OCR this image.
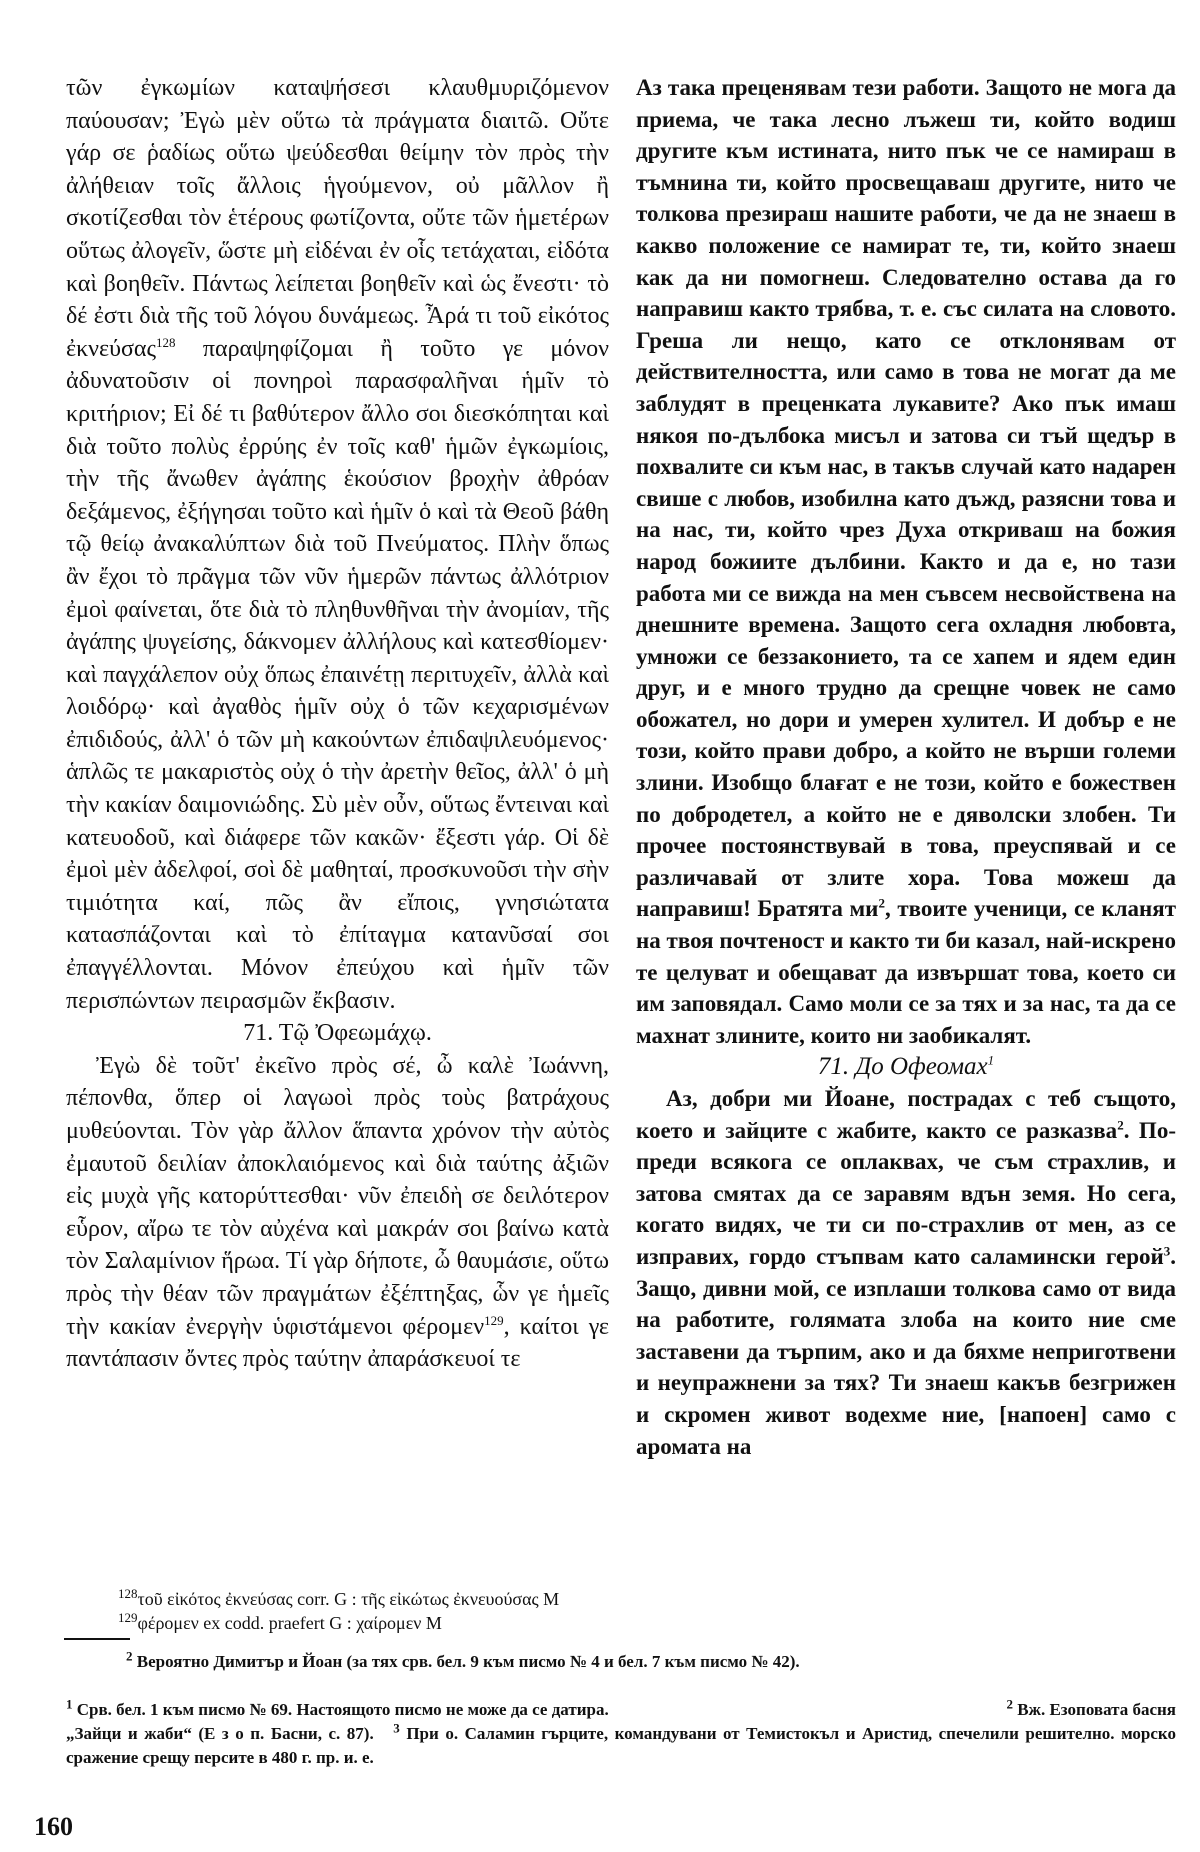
τῶν ἐγκωμίων καταψήσεσι κλαυθμυριζόμενον παύουσαν; Ἐγὼ μὲν οὕτω τὰ πράγματα διαιτῶ. Οὔτε γάρ σε ῥαδίως οὕτω ψεύδεσθαι θείμην τὸν πρὸς τὴν ἀλήθειαν τοῖς ἄλλοις ἡγούμενον, οὐ μᾶλλον ἢ σκοτίζεσθαι τὸν ἑτέρους φωτίζοντα, οὔτε τῶν ἡμετέρων οὕτως ἀλογεῖν, ὥστε μὴ εἰδέναι ἐν οἷς τετάχαται, εἰδότα καὶ βοηθεῖν. Πάντως λείπεται βοηθεῖν καὶ ὡς ἔνεστι· τὸ δέ ἐστι διὰ τῆς τοῦ λόγου δυνάμεως. Ἆρά τι τοῦ εἰκότος ἐκνεύσας$^{128}$ παραψηφίζομαι ἢ τοῦτο γε μόνον ἀδυνατοῦσιν οἱ πονηροὶ παρασφαλῆναι ἡμῖν τὸ κριτήριον; Εἰ δέ τι βαθύτερον ἄλλο σοι διεσκόπηται καὶ διὰ τοῦτο πολὺς ἐρρύης ἐν τοῖς καθ' ἡμῶν ἐγκωμίοις, τὴν τῆς ἄνωθεν ἀγάπης ἑκούσιον βροχὴν ἀθρόαν δεξάμενος, ἐξήγησαι τοῦτο καὶ ἡμῖν ὁ καὶ τὰ Θεοῦ βάθη τῷ θείῳ ἀνακαλύπτων διὰ τοῦ Πνεύματος. Πλὴν ὅπως ἂν ἔχοι τὸ πρᾶγμα τῶν νῦν ἡμερῶν πάντως ἀλλότριον ἐμοὶ φαίνεται, ὅτε διὰ τὸ πληθυνθῆναι τὴν ἀνομίαν, τῆς ἀγάπης ψυγείσης, δάκνομεν ἀλλήλους καὶ κατεσθίομεν· καὶ παγχάλεπον οὐχ ὅπως ἐπαινέτῃ περιτυχεῖν, ἀλλὰ καὶ λοιδόρῳ· καὶ ἀγαθὸς ἡμῖν οὐχ ὁ τῶν κεχαρισμένων ἐπιδιδούς, ἀλλ' ὁ τῶν μὴ κακούντων ἐπιδαψιλευόμενος· ἁπλῶς τε μακαριστὸς οὐχ ὁ τὴν ἀρετὴν θεῖος, ἀλλ' ὁ μὴ τὴν κακίαν δαιμονιώδης. Σὺ μὲν οὖν, οὕτως ἔντειναι καὶ κατευοδοῦ, καὶ διάφερε τῶν κακῶν· ἔξεστι γάρ. Οἱ δὲ ἐμοὶ μὲν ἀδελφοί, σοὶ δὲ μαθηταί, προσκυνοῦσι τὴν σὴν τιμιότητα καί, πῶς ἂν εἴποις, γνησιώτατα κατασπάζονται καὶ τὸ ἐπίταγμα κατανῦσαί σοι ἐπαγγέλλονται. Μόνον ἐπεύχου καὶ ἡμῖν τῶν περισπώντων πειρασμῶν ἔκβασιν.

71. Τῷ Ὀφεωμάχῳ.

Ἐγὼ δὲ τοῦτ' ἐκεῖνο πρὸς σέ, ὦ καλὲ Ἰωάννη, πέπονθα, ὅπερ οἱ λαγωοὶ πρὸς τοὺς βατράχους μυθεύονται. Τὸν γὰρ ἄλλον ἅπαντα χρόνον τὴν αὐτὸς ἐμαυτοῦ δειλίαν ἀποκλαιόμενος καὶ διὰ ταύτης ἀξιῶν εἰς μυχὰ γῆς κατορύττεσθαι· νῦν ἐπειδὴ σε δειλότερον εὗρον, αἴρω τε τὸν αὐχένα καὶ μακράν σοι βαίνω κατὰ τὸν Σαλαμίνιον ἥρωα. Τί γὰρ δήποτε, ὦ θαυμάσιε, οὕτω πρὸς τὴν θέαν τῶν πραγμάτων ἐξέπτηξας, ὧν γε ἡμεῖς τὴν κακίαν ἐνεργὴν ὑφιστάμενοι φέρομεν$^{129}$, καίτοι γε παντάπασιν ὄντες πρὸς ταύτην ἀπαράσκευοί τε

Аз така преценявам тези работи. Защото не мога да приема, че така лесно лъжеш ти, който водиш другите към истината, нито пък че се намираш в тъмнина ти, който просвещаваш другите, нито че толкова презираш нашите работи, че да не знаеш в какво положение се намират те, ти, който знаеш как да ни помогнеш. Следователно остава да го направиш както трябва, т. е. със силата на словото. Греша ли нещо, като се отклонявам от действителността, или само в това не могат да ме заблудят в преценката лукавите? Ако пък имаш някоя по-дълбока мисъл и затова си тъй щедър в похвалите си към нас, в такъв случай като надарен свише с любов, изобилна като дъжд, разясни това и на нас, ти, който чрез Духа откриваш на божия народ божиите дълбини. Както и да е, но тази работа ми се вижда на мен съвсем несвойствена на днешните времена. Защото сега охладня любовта, умножи се беззаконието, та се хапем и ядем един друг, и е много трудно да срещне човек не само обожател, но дори и умерен хулител. И добър е не този, който прави добро, а който не върши големи злини. Изобщо блағат е не този, който е божествен по добродетел, а който не е дяволски злобен. Ти прочее постоянствувай в това, преуспявай и се различавай от злите хора. Това можеш да направиш! Братята $ми^2$, твоите ученици, се кланят на твоя почтеност и както ти би казал, най-искрено те целуват и обещават да извършат това, което си им заповядал. Само моли се за тях и за нас, та да се махнат злините, които ни заобикалят.

71. До Офеомах$^1$

Аз, добри ми Йоане, пострадах с теб същото, което и зайците с жабите, както се разказва$^2$. По-преди всякога се оплаквах, че съм страхлив, и затова смятах да се заравям вдън земя. Но сега, когато видях, че ти си по-страхлив от мен, аз се изправих, гордо стъпвам като саламински герой$^3$. Защо, дивни мой, се изплаши толкова само от вида на работите, голямата злоба на които ние сме заставени да търпим, ако и да бяхме неприготвени и неупражнени за тях? Ти знаеш какъв безгрижен и скромен живот водехме ние, [напоен] само с аромата на

$^{128}$τοῦ εἰκότος ἐκνεύσας corr. G : τῆς εἰκώτως ἐκνευούσας M

$^{129}$φέρομεν ex codd. praefert G : χαίρομεν M

$^2$ Вероятно Димитър и Йоан (за тях срв. бел. 9 към писмо № 4 и бел. 7 към писмо № 42).

$^1$ Срв. бел. 1 към писмо № 69. Настоящото писмо не може да се датира.	$^2$ Вж. Езоповата басня

„Зайци и жаби“ (Е з о п. Басни, с. 87). $^3$ При о. Саламин гърците, командувани от Темистокъл и Аристид, спечелили решително. морско сражение срещу персите в 480 г. пр. и. е.

160
